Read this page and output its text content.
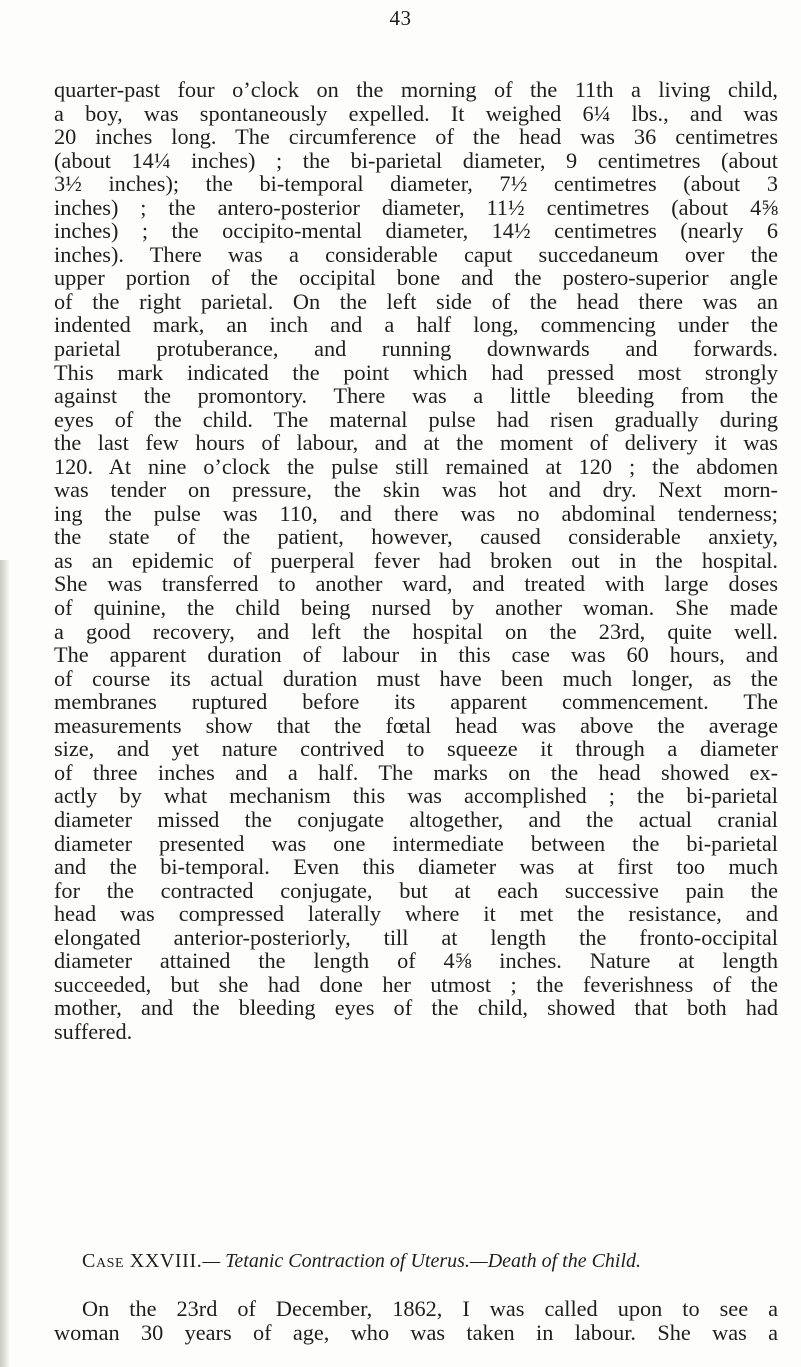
43
quarter-past four o’clock on the morning of the 11th a living child,
a boy, was spontaneously expelled. It weighed 6¼ lbs., and was
20 inches long. The circumference of the head was 36 centimetres
(about 14¼ inches) ; the bi-parietal diameter, 9 centimetres (about
3½ inches); the bi-temporal diameter, 7½ centimetres (about 3
inches) ; the antero-posterior diameter, 11½ centimetres (about 4⅝
inches) ; the occipito-mental diameter, 14½ centimetres (nearly 6
inches). There was a considerable caput succedaneum over the
upper portion of the occipital bone and the postero-superior angle
of the right parietal. On the left side of the head there was an
indented mark, an inch and a half long, commencing under the
parietal protuberance, and running downwards and forwards.
This mark indicated the point which had pressed most strongly
against the promontory. There was a little bleeding from the
eyes of the child. The maternal pulse had risen gradually during
the last few hours of labour, and at the moment of delivery it was
120. At nine o’clock the pulse still remained at 120 ; the abdomen
was tender on pressure, the skin was hot and dry. Next morn-
ing the pulse was 110, and there was no abdominal tenderness;
the state of the patient, however, caused considerable anxiety,
as an epidemic of puerperal fever had broken out in the hospital.
She was transferred to another ward, and treated with large doses
of quinine, the child being nursed by another woman. She made
a good recovery, and left the hospital on the 23rd, quite well.
The apparent duration of labour in this case was 60 hours, and
of course its actual duration must have been much longer, as the
membranes ruptured before its apparent commencement. The
measurements show that the fœtal head was above the average
size, and yet nature contrived to squeeze it through a diameter
of three inches and a half. The marks on the head showed ex-
actly by what mechanism this was accomplished ; the bi-parietal
diameter missed the conjugate altogether, and the actual cranial
diameter presented was one intermediate between the bi-parietal
and the bi-temporal. Even this diameter was at first too much
for the contracted conjugate, but at each successive pain the
head was compressed laterally where it met the resistance, and
elongated anterior-posteriorly, till at length the fronto-occipital
diameter attained the length of 4⅝ inches. Nature at length
succeeded, but she had done her utmost ; the feverishness of the
mother, and the bleeding eyes of the child, showed that both had
suffered.
Case XXVIII.— Tetanic Contraction of Uterus.—Death of the Child.
On the 23rd of December, 1862, I was called upon to see a
woman 30 years of age, who was taken in labour. She was a
